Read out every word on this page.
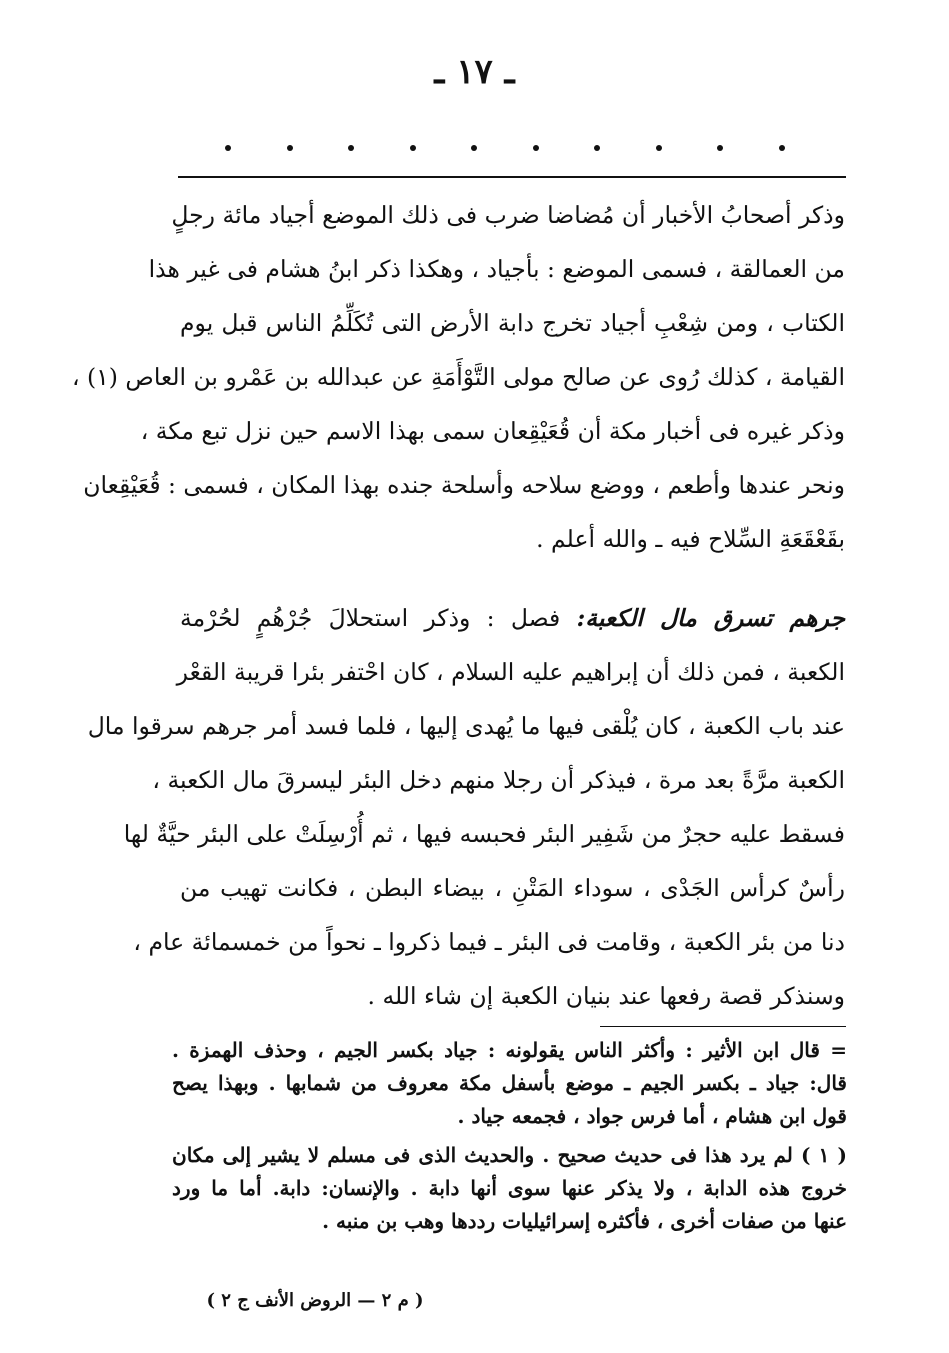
ـ ١٧ ـ
وذكر أصحابُ الأخبار أن مُضاضا ضرب فى ذلك الموضع أجياد مائة رجلٍ
من العمالقة ، فسمى الموضع : بأجياد ، وهكذا ذكر ابنُ هشام فى غير هذا
الكتاب ، ومن شِعْبِ أجياد تخرج دابة الأرض التى تُكَلِّمُ الناس قبل يوم
القيامة ، كذلك رُوى عن صالح مولى التَّوْأَمَةِ عن عبدالله بن عَمْرو بن العاص (١) ،
وذكر غيره فى أخبار مكة أن قُعَيْقِعان سمى بهذا الاسم حين نزل تبع مكة ،
ونحر عندها وأطعم ، ووضع سلاحه وأسلحة جنده بهذا المكان ، فسمى : قُعَيْقِعان
بقَعْقَعَةِ السِّلاح فيه ـ والله أعلم .
جرهم تسرق مال الكعبة: فصل : وذكر استحلالَ جُرْهُمٍ لحُرْمة
الكعبة ، فمن ذلك أن إبراهيم عليه السلام ، كان احْتفر بئرا قريبة القعْر
عند باب الكعبة ، كان يُلْقى فيها ما يُهدى إليها ، فلما فسد أمر جرهم سرقوا مال
الكعبة مرَّةً بعد مرة ، فيذكر أن رجلا منهم دخل البئر ليسرقَ مال الكعبة ،
فسقط عليه حجرٌ من شَفِير البئر فحبسه فيها ، ثم أُرْسِلَتْ على البئر حيَّةٌ لها
رأسٌ كرأس الجَدْى ، سوداء المَتْنِ ، بيضاء البطن ، فكانت تهيب من
دنا من بئر الكعبة ، وقامت فى البئر ـ فيما ذكروا ـ نحواً من خمسمائة عام ،
وسنذكر قصة رفعها عند بنيان الكعبة إن شاء الله .
= قال ابن الأثير : وأكثر الناس يقولونه : جياد بكسر الجيم ، وحذف الهمزة .
قال: جياد ـ بكسر الجيم ـ موضع بأسفل مكة معروف من شمابها . وبهذا يصح
قول ابن هشام ، أما فرس جواد ، فجمعه جياد .
( ١ ) لم يرد هذا فى حديث صحيح . والحديث الذى فى مسلم لا يشير إلى مكان
خروج هذه الدابة ، ولا يذكر عنها سوى أنها دابة . والإنسان: دابة. أما ما ورد
عنها من صفات أخرى ، فأكثره إسرائيليات رددها وهب بن منبه .
( م ٢ — الروض الأنف ج ٢ )
